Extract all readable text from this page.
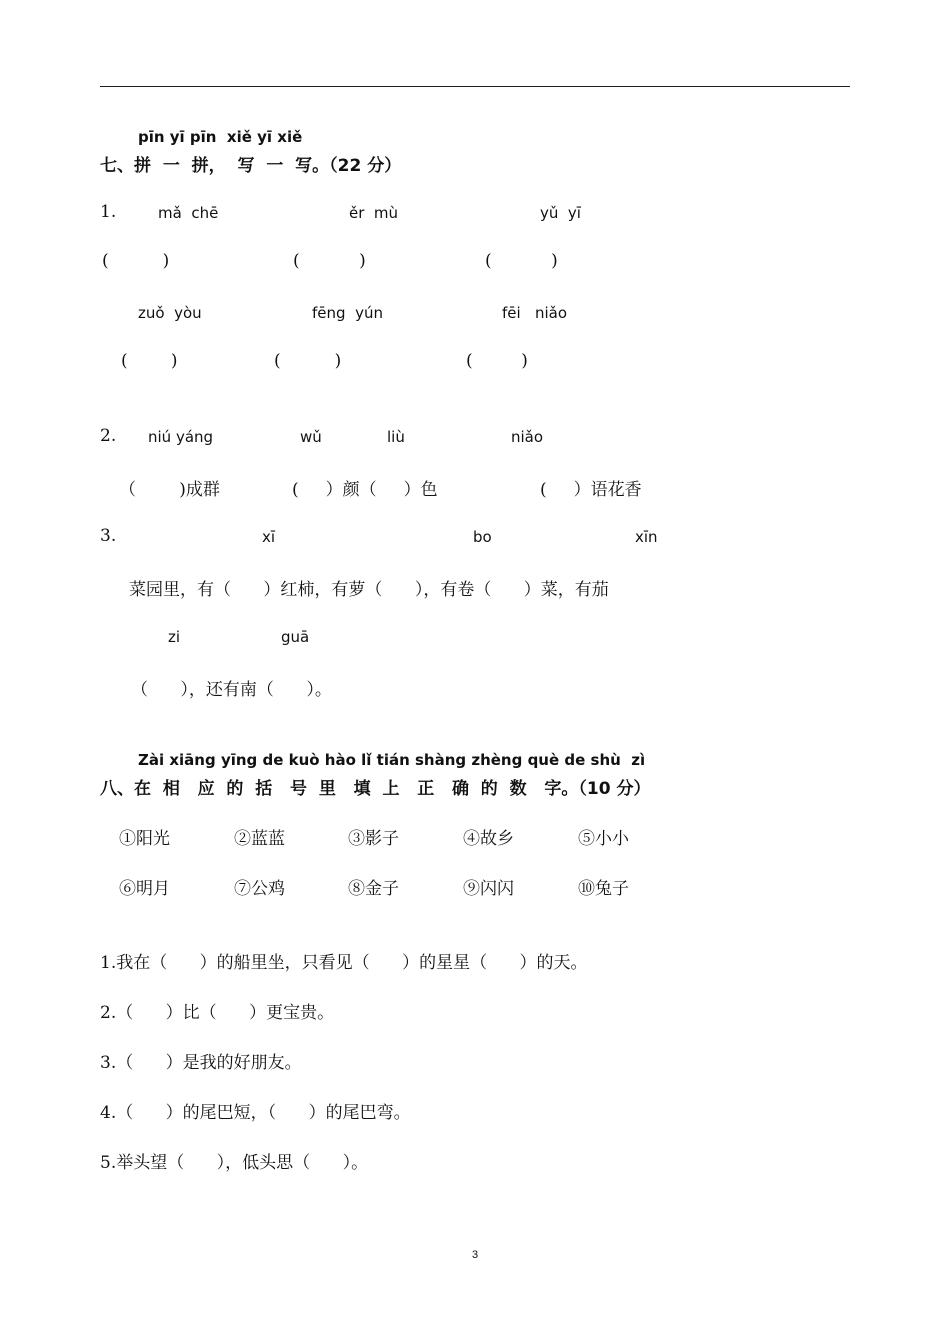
pīn yī pīn  xiě yī xiě
七、拼  一  拼，  写  一  写。（22 分）
1.	mǎ  chē	ěr  mù	yǔ  yī
(          )	(           )	(           )
zuǒ  yòu	fēng  yún	fēi   niǎo
(        )	(          )	(         )
2. niú yáng	wǔ	liù	niǎo
（        )成群	(     ）颜（     ）色	(     ）语花香
3.	xī	bo	xīn
菜园里，有（      ）红柿，有萝（      ），有卷（      ）菜，有茄
zi	guā
（      ），还有南（      ）。
Zài xiāng yīng de kuò hào lǐ tián shàng zhèng què de shù  zì
八、在  相   应  的  括   号  里   填  上   正   确  的  数   字。（10 分）
①阳光	②蓝蓝	③影子	④故乡	⑤小小
⑥明月	⑦公鸡	⑧金子	⑨闪闪	⑩兔子
1.我在（      ）的船里坐，只看见（      ）的星星（      ）的天。
2.（      ）比（      ）更宝贵。
3.（      ）是我的好朋友。
4.（      ）的尾巴短，（      ）的尾巴弯。
5.举头望（      ），低头思（      ）。
3
